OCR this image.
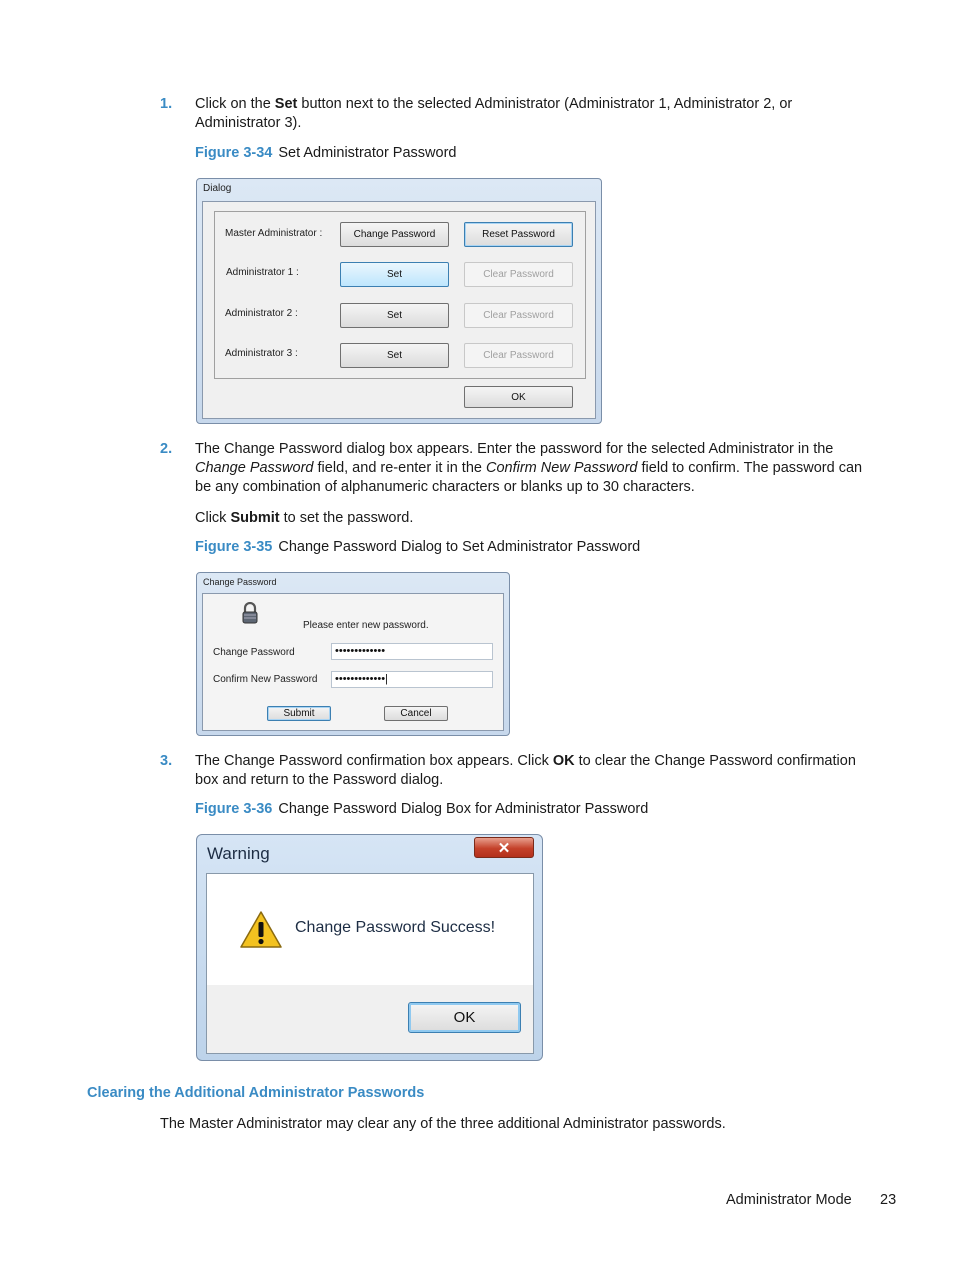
1. Click on the Set button next to the selected Administrator (Administrator 1, Administrator 2, or
Administrator 3).
Figure 3-34 Set Administrator Password
Dialog
Master Administrator :	Change Password	Reset Password
Administrator 1 :	Set	Clear Password
Administrator 2 :	Set	Clear Password
Administrator 3 :	Set	Clear Password
OK
2. The Change Password dialog box appears. Enter the password for the selected Administrator in the
Change Password field, and re-enter it in the Confirm New Password field to confirm. The password can
be any combination of alphanumeric characters or blanks up to 30 characters.
Click Submit to set the password.
Figure 3-35 Change Password Dialog to Set Administrator Password
Change Password
Please enter new password.
Change Password	•••••••••••••
Confirm New Password	•••••••••••••|
Submit	Cancel
3. The Change Password confirmation box appears. Click OK to clear the Change Password confirmation
box and return to the Password dialog.
Figure 3-36 Change Password Dialog Box for Administrator Password
Warning	✕
Change Password Success!
OK
Clearing the Additional Administrator Passwords
The Master Administrator may clear any of the three additional Administrator passwords.
Administrator Mode 23
